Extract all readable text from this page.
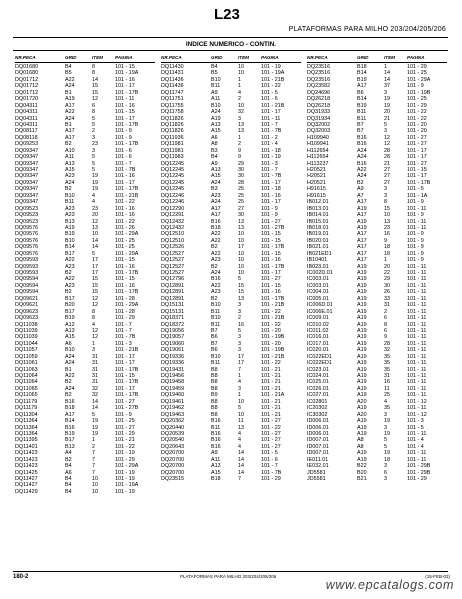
L23
PLATAFORMAS PARA MILHO 203/204/205/206
INDICE NUMERICO - CONTIN.
NR.PECA	GRID	ITEM	PAGINA
DQ01680	B4	8	101 - 15
DQ01680	B5	8	101 - 19A
DQ01712	A22	14	101 - 16
DQ01712	A24	15	101 - 17
DQ01712	B1	15	101 - 17B
DQ01720	A19	12	101 - 11
DQ04311	A17	6	101 - 16
DQ04311	A22	8	101 - 15
DQ04311	A24	5	101 - 17
DQ04311	B1	5	101 - 17B
DQ08117	A17	2	101 - 9
DQ08118	A17	3	101 - 9
DQ09253	B2	23	101 - 17B
DQ09347	A10	3	101 - 6
DQ09347	A11	5	101 - 6
DQ09347	A13	5	101 - 7
DQ09347	A15	5	101 - 7B
DQ09347	A23	19	101 - 16
DQ09347	A24	19	101 - 17
DQ09347	B2	19	101 - 17B
DQ09347	B10	4	101 - 21B
DQ09347	B11	4	101 - 22
DQ09523	A23	23	101 - 16
DQ09523	A23	20	101 - 16
DQ09523	B13	12	101 - 22
DQ09576	A19	13	101 - 26
DQ09576	B19	10	101 - 29A
DQ09576	B10	14	101 - 25
DQ09576	B14	14	101 - 25
DQ09576	B17	5	101 - 29A
DQ09593	A22	17	101 - 15
DQ09593	A23	17	101 - 16
DQ09593	B2	17	101 - 17B
DQ09594	A22	15	101 - 15
DQ09594	A23	15	101 - 16
DQ09594	B2	15	101 - 17B
DQ09621	B17	12	101 - 28
DQ09621	B20	12	101 - 29A
DQ09623	B17	8	101 - 28
DQ09623	B19	8	101 - 29
DQ11038	A12	4	101 - 7
DQ11039	A13	12	101 - 7
DQ11039	A15	12	101 - 7B
DQ11044	A6	1	101 - 3
DQ11057	B10	3	101 - 21B
DQ11059	A24	31	101 - 17
DQ11061	A24	31	101 - 17
DQ11063	B1	31	101 - 17B
DQ11064	A22	31	101 - 15
DQ11064	B2	31	101 - 17B
DQ11065	A24	32	101 - 17
DQ11065	B2	32	101 - 17B
DQ11179	B16	14	101 - 27
DQ11179	B18	14	101 - 27B
DQ11304	A17	5	101 - 9
DQ11364	B14	19	101 - 25
DQ11364	B16	19	101 - 27
DQ11364	B19	19	101 - 29
DQ11395	B17	1	101 - 21
DQ11401	B13	2	101 - 22
DQ11423	A4	7	101 - 19
DQ11423	B2	7	101 - 29
DQ11423	B4	7	101 - 29A
DQ11425	A6	7	101 - 19
DQ11427	B4	10	101 - 19
DQ11427	B4	10	101 - 19A
DQ11429	B4	10	101 - 19
NR.PECA	GRID	ITEM	PAGINA
DQ11430	B4	10	101 - 19
DQ11431	B5	10	101 - 19A
DQ11436	B10	1	101 - 21B
DQ11436	B11	1	101 - 22
DQ11747	A9	4	101 - 5
DQ11751	A11	2	101 - 6
DQ11755	B10	10	101 - 21B
DQ11758	A24	32	101 - 17
DQ11826	A19	3	101 - 11
DQ11826	A13	13	101 - 7
DQ11826	A15	13	101 - 7B
DQ11936	A6	1	101 - 2
DQ11981	A8	2	101 - 4
DQ11981	B3	9	101 - 18
DQ11983	B4	9	101 - 19
DQ12245	A9	29	101 - 3
DQ12245	A13	30	101 - 7
DQ12245	A15	30	101 - 7B
DQ12245	A24	28	101 - 17
DQ12245	B3	25	101 - 18
DQ12246	A23	25	101 - 16
DQ12246	A24	25	101 - 17
DQ12290	A17	27	101 - 9
DQ12291	A17	30	101 - 9
DQ12432	B16	13	101 - 27
DQ12432	B18	13	101 - 27B
DQ12510	A22	10	101 - 15
DQ12510	A22	10	101 - 15
DQ12526	B2	17	101 - 17B
DQ12527	A22	10	101 - 15
DQ12527	A23	10	101 - 16
DQ12527	B2	10	101 - 17B
DQ12527	A24	10	101 - 17
DQ12796	B16	5	101 - 27
DQ12891	A22	15	101 - 15
DQ12891	A23	15	101 - 16
DQ12891	B2	13	101 - 17B
DQ15131	B10	3	101 - 21B
DQ15131	B11	3	101 - 22
DQ18371	B10	2	101 - 21B
DQ18372	B11	16	101 - 22
DQ19056	B7	5	101 - 20
DQ19057	B6	3	101 - 19B
DQ19060	B7	3	101 - 20
DQ19061	B6	3	101 - 19B
DQ19336	B10	17	101 - 21B
DQ19336	B11	17	101 - 22
DQ19431	B8	7	101 - 21
DQ19456	B8	1	101 - 21
DQ19458	B8	4	101 - 21
DQ19459	B8	3	101 - 21
DQ19460	B9	1	101 - 21A
DQ19461	B8	10	101 - 21
DQ19462	B8	5	101 - 21
DQ19463	B8	10	101 - 21
DQ20362	B16	11	101 - 27
DQ20440	B11	13	101 - 22
DQ20539	B16	4	101 - 27
DQ20540	B16	4	101 - 27
DQ20643	B16	4	101 - 27
DQ20700	A9	14	101 - 5
DQ20700	A11	14	101 - 6
DQ20700	A13	14	101 - 7
DQ20700	A15	14	101 - 7B
DQ23515	B18	7	101 - 29
NR.PECA	GRID	ITEM	PAGINA
DQ23516	B18	1	101 - 29
DQ23516	B14	14	101 - 25
DQ23516	B19	14	101 - 29A
DQ23582	A17	37	101 - 9
DQ24696	B6	3	101 - 19B
DQ26218	B14	19	101 - 25
DQ26218	B19	19	101 - 29
DQ31933	B11	20	101 - 22
DQ31934	B11	21	101 - 22
DQ32002	B7	5	101 - 20
DQ32003	B7	3	101 - 20
H109940	B16	12	101 - 27
H109941	B16	12	101 - 27
H112654	A24	28	101 - 17
H112654	A24	28	101 - 17
H113237	B16	21	101 - 27
H20521	A22	27	101 - 15
H20521	A24	27	101 - 17
H20521	B2	27	101 - 17B
H91615	A9	3	101 - 5
H91615	A7	3	101 - 1A
IB012.01	A17	8	101 - 9
IB013.01	A19	15	101 - 11
IB014.01	A17	10	101 - 9
IB015.01	A19	13	101 - 11
IB018.01	A19	23	101 - 11
IB019.01	A17	16	101 - 9
IB020.01	A17	9	101 - 9
IB021.01	A17	18	101 - 9
IB021ED1	A17	18	101 - 9
IB10401	A17	1	101 - 9
IB023.01	A19	20	101 - 11
IC002D.01	A19	22	101 - 11
IC003.01	A19	29	101 - 11
IC003.01	A19	30	101 - 11
IC004.01	A19	26	101 - 11
IC005.01	A19	33	101 - 11
IC006D.01	A19	31	101 - 11
IC006E.01	A19	2	101 - 11
IC009.01	A19	6	101 - 11
IC010.02	A19	8	101 - 11
IC011.02	A19	6	101 - 11
IC016.01	A19	9	101 - 11
IC017.01	A19	28	101 - 11
IC020.01	A19	32	101 - 11
IC022ED1	A19	35	101 - 11
IC022ED1	A19	35	101 - 11
IC023.01	A19	35	101 - 11
IC024.01	A19	31	101 - 11
IC025.01	A19	16	101 - 11
IC026.01	A19	11	101 - 11
IC027.01	A19	25	101 - 11
IC02801	A20	4	101 - 12
IC20302	A19	35	101 - 11
IC30302	A20	3	101 - 12
ID006.01	A19	19	101 - 3
ID006.01	A19	3	101 - 5
ID006.01	A19	19	101 - 11
ID007.01	A8	5	101 - 4
ID007.01	A8	5	101 - 4
ID007.01	A19	19	101 - 11
IE011.01	A19	18	101 - 11
IE032.01	B22	3	101 - 29B
JD5581	B20	6	101 - 29B
JD5581	B21	3	101 - 29
180-2	PLATAFORMAS PARA MILHO 203/204/205/206	(15-FEB-03)
www.epcatalogs.com
